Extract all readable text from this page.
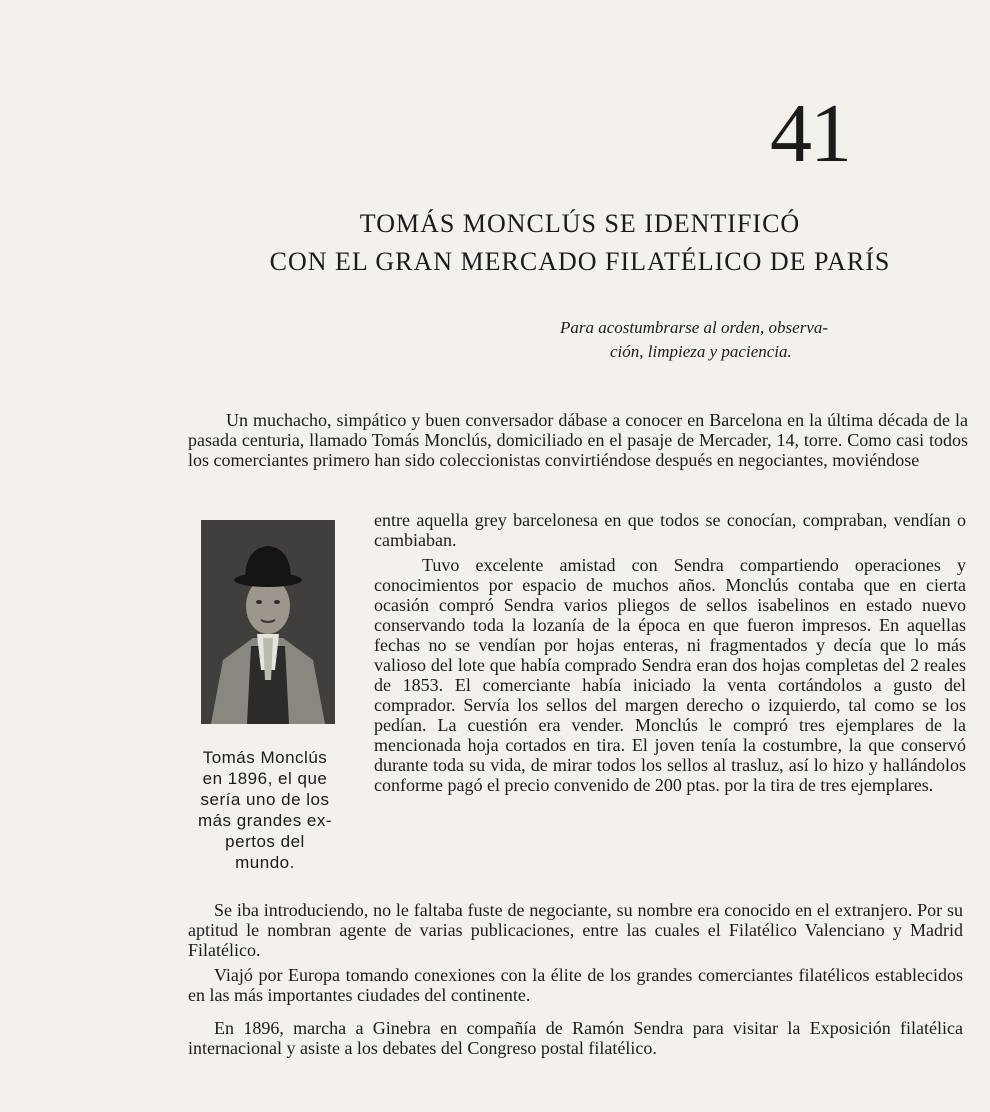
41
TOMÁS MONCLÚS SE IDENTIFICÓ
CON EL GRAN MERCADO FILATÉLICO DE PARÍS
Para acostumbrarse al orden, observa-
ción, limpieza y paciencia.
Un muchacho, simpático y buen conversador dábase a conocer en Barcelona en la última década de la pasada centuria, llamado Tomás Monclús, domiciliado en el pasaje de Mercader, 14, torre. Como casi todos los comerciantes primero han sido coleccionistas convirtiéndose después en negociantes, moviéndose
entre aquella grey barcelonesa en que todos se conocían, compraban, vendían o cambiaban.
Tuvo excelente amistad con Sendra compartiendo operaciones y conocimientos por espacio de muchos años. Monclús contaba que en cierta ocasión compró Sendra varios pliegos de sellos isabelinos en estado nuevo conservando toda la lozanía de la época en que fueron impresos. En aquellas fechas no se vendían por hojas enteras, ni fragmentados y decía que lo más valioso del lote que había comprado Sendra eran dos hojas completas del 2 reales de 1853. El comerciante había iniciado la venta cortándolos a gusto del comprador. Servía los sellos del margen derecho o izquierdo, tal como se los pedían. La cuestión era vender. Monclús le compró tres ejemplares de la mencionada hoja cortados en tira. El joven tenía la costumbre, la que conservó durante toda su vida, de mirar todos los sellos al trasluz, así lo hizo y hallándolos conforme pagó el precio convenido de 200 ptas. por la tira de tres ejemplares.
Tomás Monclús
en 1896, el que
sería uno de los
más grandes ex-
pertos del
mundo.
Se iba introduciendo, no le faltaba fuste de negociante, su nombre era conocido en el extranjero. Por su aptitud le nombran agente de varias publicaciones, entre las cuales el Filatélico Valenciano y Madrid Filatélico.
Viajó por Europa tomando conexiones con la élite de los grandes comerciantes filatélicos establecidos en las más importantes ciudades del continente.
En 1896, marcha a Ginebra en compañía de Ramón Sendra para visitar la Exposición filatélica internacional y asiste a los debates del Congreso postal filatélico.
